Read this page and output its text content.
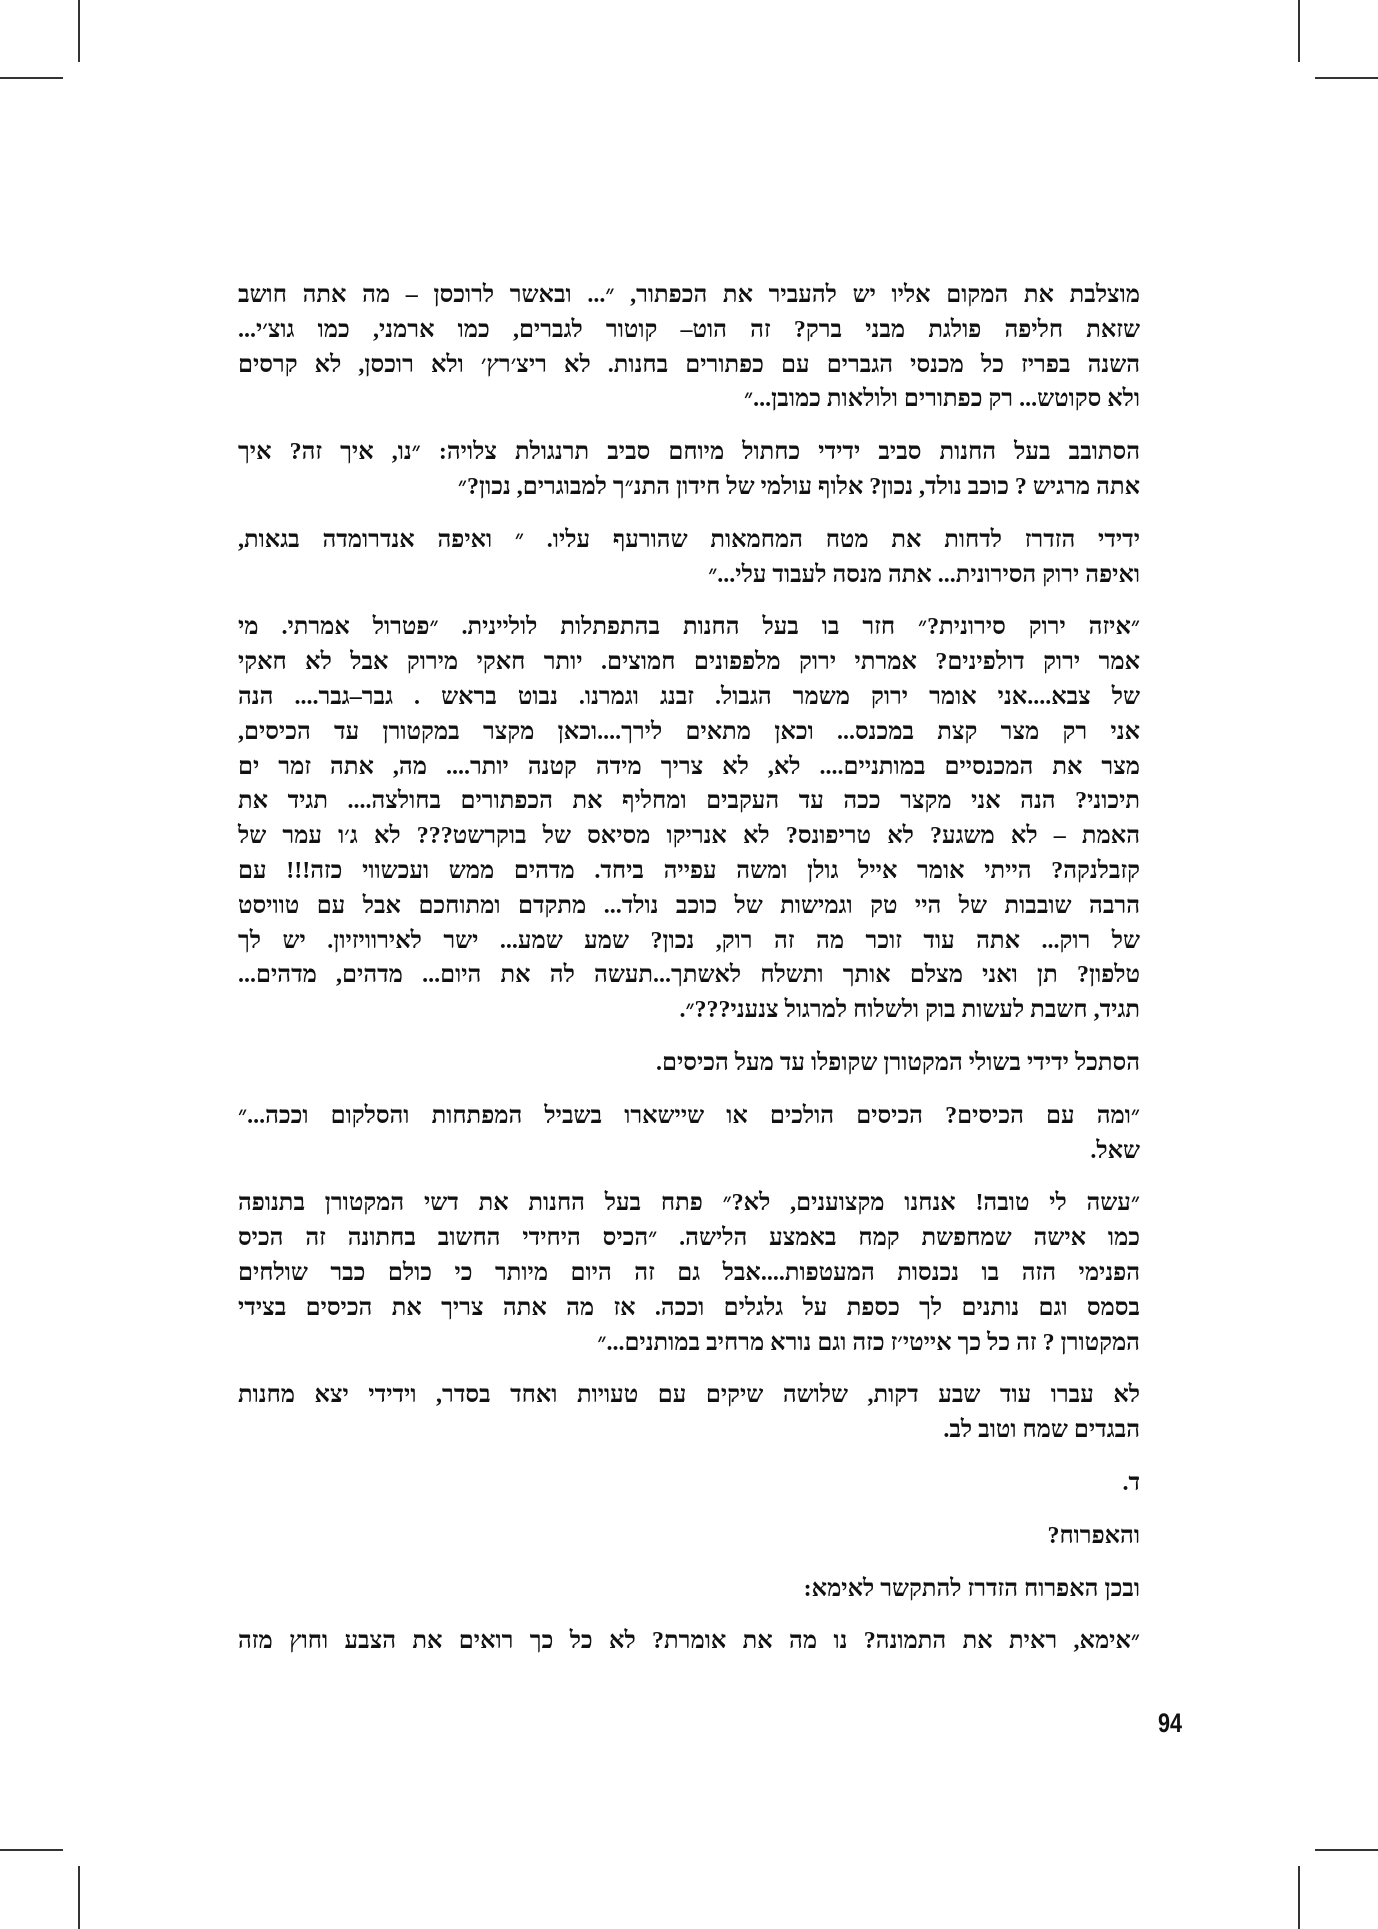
מוצלבת את המקום אליו יש להעביר את הכפתור, ״... ובאשר לרוכסן – מה אתה חושב
שזאת חליפה פולגת מבני ברק? זה הוט– קוטור לגברים, כמו ארמני, כמו גוצ׳י...
השנה בפריז כל מכנסי הגברים עם כפתורים בחנות. לא ריצ׳רץ׳ ולא רוכסן, לא קרסים
ולא סקוטש... רק כפתורים ולולאות כמובן...״
הסתובב בעל החנות סביב ידידי כחתול מיוחם סביב תרנגולת צלויה: ״נו, איך זה? איך
אתה מרגיש ? כוכב נולד, נכון? אלוף עולמי של חידון התנ״ך למבוגרים, נכון?״
ידידי הזדרז לדחות את מטח המחמאות שהורעף עליו. ״ ואיפה אנדרומדה בגאות,
ואיפה ירוק הסירונית... אתה מנסה לעבוד עלי...״
״איזה ירוק סירונית?״ חזר בו בעל החנות בהתפתלות לוליינית. ״פטרול אמרתי. מי
אמר ירוק דולפינים? אמרתי ירוק מלפפונים חמוצים. יותר חאקי מירוק אבל לא חאקי
של צבא....אני אומר ירוק משמר הגבול. זבנג וגמרנו. נבוט בראש . גבר–גבר.... הנה
אני רק מצר קצת במכנס... וכאן מתאים לירך....וכאן מקצר במקטורן עד הכיסים,
מצר את המכנסיים במותניים.... לא, לא צריך מידה קטנה יותר.... מה, אתה זמר ים
תיכוני? הנה אני מקצר ככה עד העקבים ומחליף את הכפתורים בחולצה.... תגיד את
האמת – לא משגע? לא טריפונס? לא אנריקו מסיאס של בוקרשט??? לא ג׳ו עמר של
קזבלנקה? הייתי אומר אייל גולן ומשה עפייה ביחד. מדהים ממש ועכשווי כזה!!! עם
הרבה שובבות של היי טק וגמישות של כוכב נולד... מתקדם ומתוחכם אבל עם טוויסט
של רוק... אתה עוד זוכר מה זה רוק, נכון? שמע שמע... ישר לאירוויזיון. יש לך
טלפון? תן ואני מצלם אותך ותשלח לאשתך...תעשה לה את היום... מדהים, מדהים...
תגיד, חשבת לעשות בוק ולשלוח למרגול צנעני???״.
הסתכל ידידי בשולי המקטורן שקופלו עד מעל הכיסים.
״ומה עם הכיסים? הכיסים הולכים או שיישארו בשביל המפתחות והסלקום וככה...״
שאל.
״עשה לי טובה! אנחנו מקצוענים, לא?״ פתח בעל החנות את דשי המקטורן בתנופה
כמו אישה שמחפשת קמח באמצע הלישה. ״הכיס היחידי החשוב בחתונה זה הכיס
הפנימי הזה בו נכנסות המעטפות....אבל גם זה היום מיותר כי כולם כבר שולחים
בסמס וגם נותנים לך כספת על גלגלים וככה. אז מה אתה צריך את הכיסים בצידי
המקטורן ? זה כל כך אייטי׳ז כזה וגם נורא מרחיב במותנים...״
לא עברו עוד שבע דקות, שלושה שיקים עם טעויות ואחד בסדר, וידידי יצא מחנות
הבגדים שמח וטוב לב.
ד.
והאפרוח?
ובכן האפרוח הזדרז להתקשר לאימא:
״אימא, ראית את התמונה? נו מה את אומרת? לא כל כך רואים את הצבע וחוץ מזה
94
